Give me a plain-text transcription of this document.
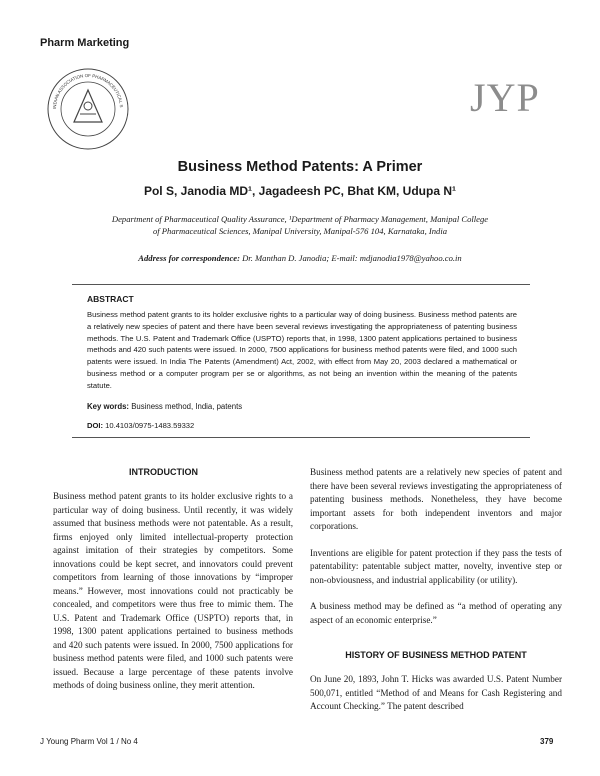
Pharm Marketing
INDIAN ASSOCIATION OF PHARMACEUTICAL S	JYP
Business Method Patents: A Primer
Pol S, Janodia MD¹, Jagadeesh PC, Bhat KM, Udupa N¹
Department of Pharmaceutical Quality Assurance, ¹Department of Pharmacy Management, Manipal College of Pharmaceutical Sciences, Manipal University, Manipal-576 104, Karnataka, India
Address for correspondence: Dr. Manthan D. Janodia; E-mail: mdjanodia1978@yahoo.co.in
ABSTRACT
Business method patent grants to its holder exclusive rights to a particular way of doing business. Business method patents are a relatively new species of patent and there have been several reviews investigating the appropriateness of patenting business methods. The U.S. Patent and Trademark Office (USPTO) reports that, in 1998, 1300 patent applications pertained to business methods and 420 such patents were issued. In 2000, 7500 applications for business method patents were filed, and 1000 such patents were issued. In India The Patents (Amendment) Act, 2002, with effect from May 20, 2003 declared a mathematical or business method or a computer program per se or algorithms, as not being an invention within the meaning of the patents statute.
Key words: Business method, India, patents
DOI: 10.4103/0975-1483.59332
INTRODUCTION

Business method patent grants to its holder exclusive rights to a particular way of doing business. Until recently, it was widely assumed that business methods were not patentable. As a result, firms enjoyed only limited intellectual-property protection against imitation of their strategies by competitors. Some innovations could be kept secret, and innovators could prevent competitors from learning of those innovations by “improper means.” However, most innovations could not practicably be concealed, and competitors were thus free to mimic them. The U.S. Patent and Trademark Office (USPTO) reports that, in 1998, 1300 patent applications pertained to business methods and 420 such patents were issued. In 2000, 7500 applications for business method patents were filed, and 1000 such patents were issued. Because a large percentage of these patents involve methods of doing business online, they merit attention.

Business method patents are a relatively new species of patent and there have been several reviews investigating the appropriateness of patenting business methods. Nonetheless, they have become important assets for both independent inventors and major corporations.

Inventions are eligible for patent protection if they pass the tests of patentability: patentable subject matter, novelty, inventive step or non-obviousness, and industrial applicability (or utility).

A business method may be defined as “a method of operating any aspect of an economic enterprise.”

HISTORY OF BUSINESS METHOD PATENT

On June 20, 1893, John T. Hicks was awarded U.S. Patent Number 500,071, entitled “Method of and Means for Cash Registering and Account Checking.” The patent described

J Young Pharm Vol 1 / No 4	379
